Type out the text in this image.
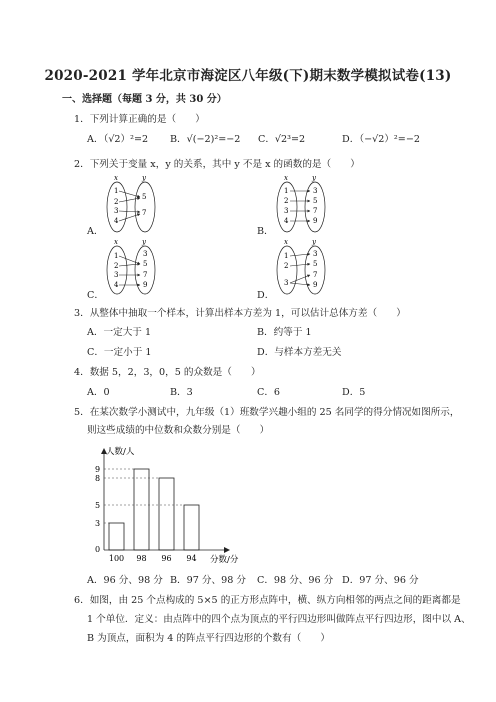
2020-2021 学年北京市海淀区八年级(下)期末数学模拟试卷(13)
一、选择题（每题 3 分，共 30 分）
1．下列计算正确的是（　　）
A．（√2）²=2 B．√(−2)²=−2 C．√2³=2	D．（−√2）²=−2
2．下列关于变量 x，y 的关系，其中 y 不是 x 的函数的是（　　）
x	y
1
2
3
4
5
7
x	y
1
2
3
4
3
5
7
9
x	y
1
2
3
4
3
5
7
9
x	y
1
2
3
3
5
7
9
A．	B．
C．	D．
3．从整体中抽取一个样本，计算出样本方差为 1，可以估计总体方差（　　）
A．一定大于 1	B．约等于 1
C．一定小于 1	D．与样本方差无关
4．数据 5，2，3，0，5 的众数是（　　）
A．0	B．3	C．6	D．5
5．在某次数学小测试中，九年级（1）班数学兴趣小组的 25 名同学的得分情况如图所示，
则这些成绩的中位数和众数分别是（　　）
人数/人
分数/分
0
100 98 96 94
3
5
8
9
A．96 分、98 分 B．97 分、98 分 C．98 分、96 分 D．97 分、96 分
6．如图，由 25 个点构成的 5×5 的正方形点阵中，横、纵方向相邻的两点之间的距离都是
1 个单位．定义：由点阵中的四个点为顶点的平行四边形叫做阵点平行四边形，图中以 A、
B 为顶点，面积为 4 的阵点平行四边形的个数有（　　）
